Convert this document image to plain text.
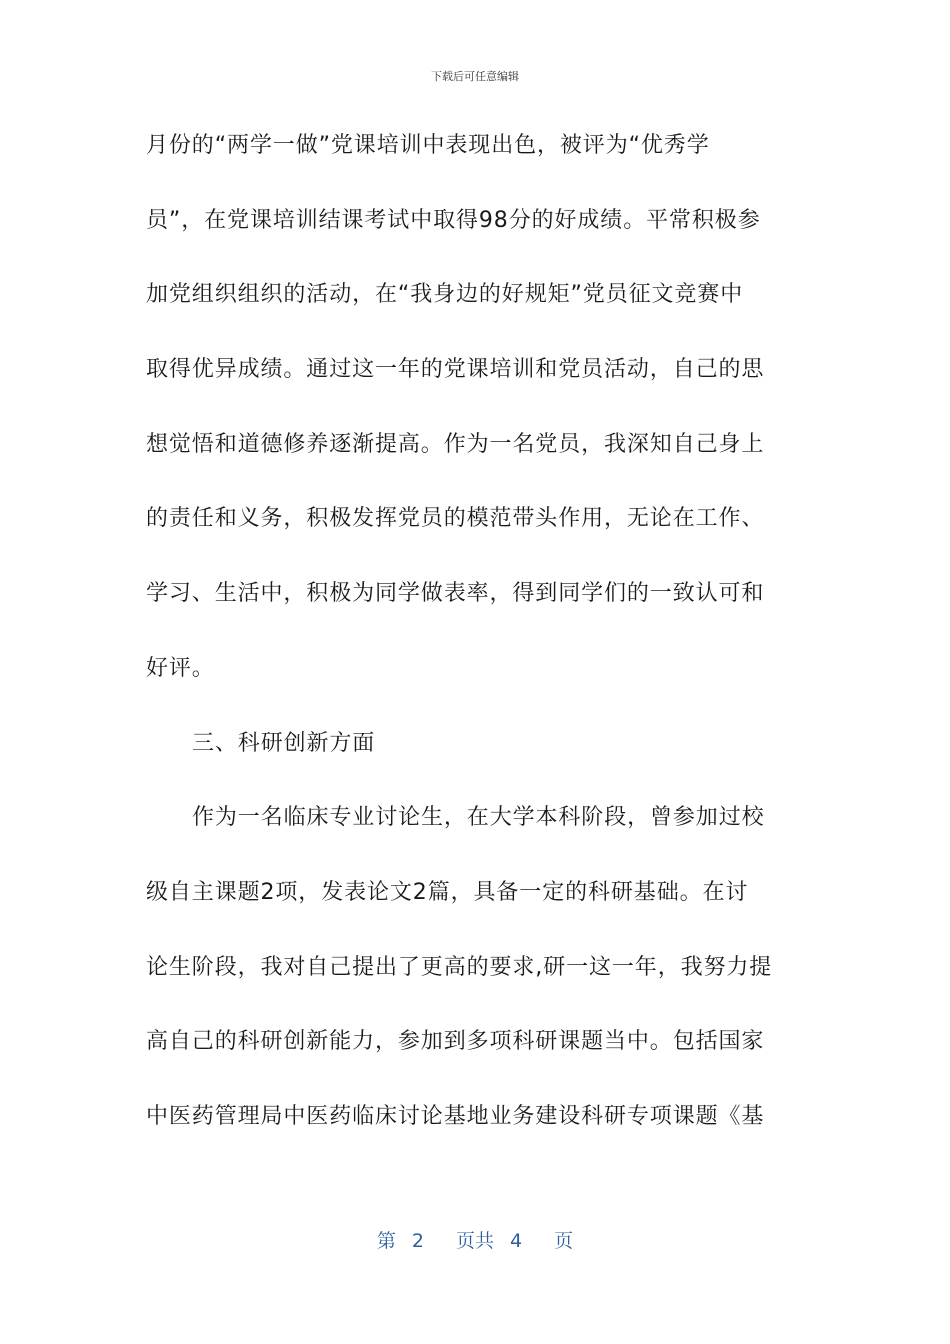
下载后可任意编辑
月份的“两学一做”党课培训中表现出色，被评为“优秀学
员”，在党课培训结课考试中取得98分的好成绩。平常积极参
加党组织组织的活动，在“我身边的好规矩”党员征文竞赛中
取得优异成绩。通过这一年的党课培训和党员活动，自己的思
想觉悟和道德修养逐渐提高。作为一名党员，我深知自己身上
的责任和义务，积极发挥党员的模范带头作用，无论在工作、
学习、生活中，积极为同学做表率，得到同学们的一致认可和
好评。
三、科研创新方面
作为一名临床专业讨论生，在大学本科阶段，曾参加过校
级自主课题2项，发表论文2篇，具备一定的科研基础。在讨
论生阶段，我对自己提出了更高的要求,研一这一年，我努力提
高自己的科研创新能力，参加到多项科研课题当中。包括国家
中医药管理局中医药临床讨论基地业务建设科研专项课题《基
第 2 页共 4 页
